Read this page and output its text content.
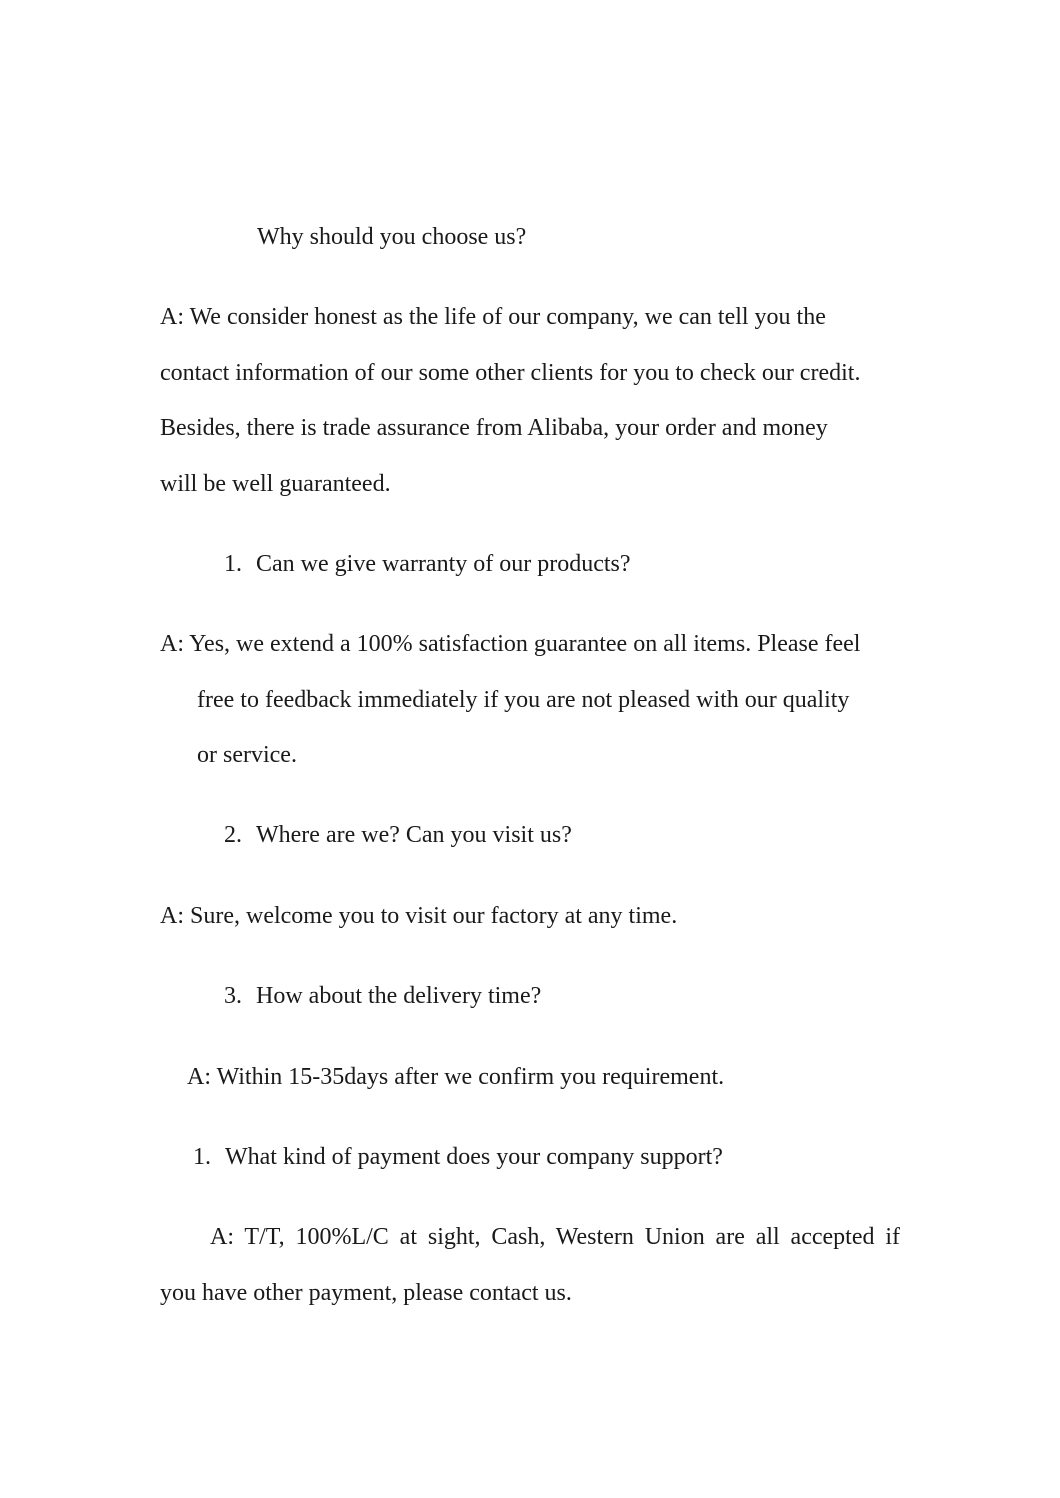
Why should you choose us?
A: We consider honest as the life of our company, we can tell you the
contact information of our some other clients for you to check our credit.
Besides, there is trade assurance from Alibaba, your order and money
will be well guaranteed.
1. Can we give warranty of our products?
A: Yes, we extend a 100% satisfaction guarantee on all items. Please feel
free to feedback immediately if you are not pleased with our quality
or service.
2. Where are we? Can you visit us?
A: Sure, welcome you to visit our factory at any time.
3. How about the delivery time?
A: Within 15-35days after we confirm you requirement.
1. What kind of payment does your company support?
A: T/T, 100%L/C at sight, Cash, Western Union are all accepted if
you have other payment, please contact us.
